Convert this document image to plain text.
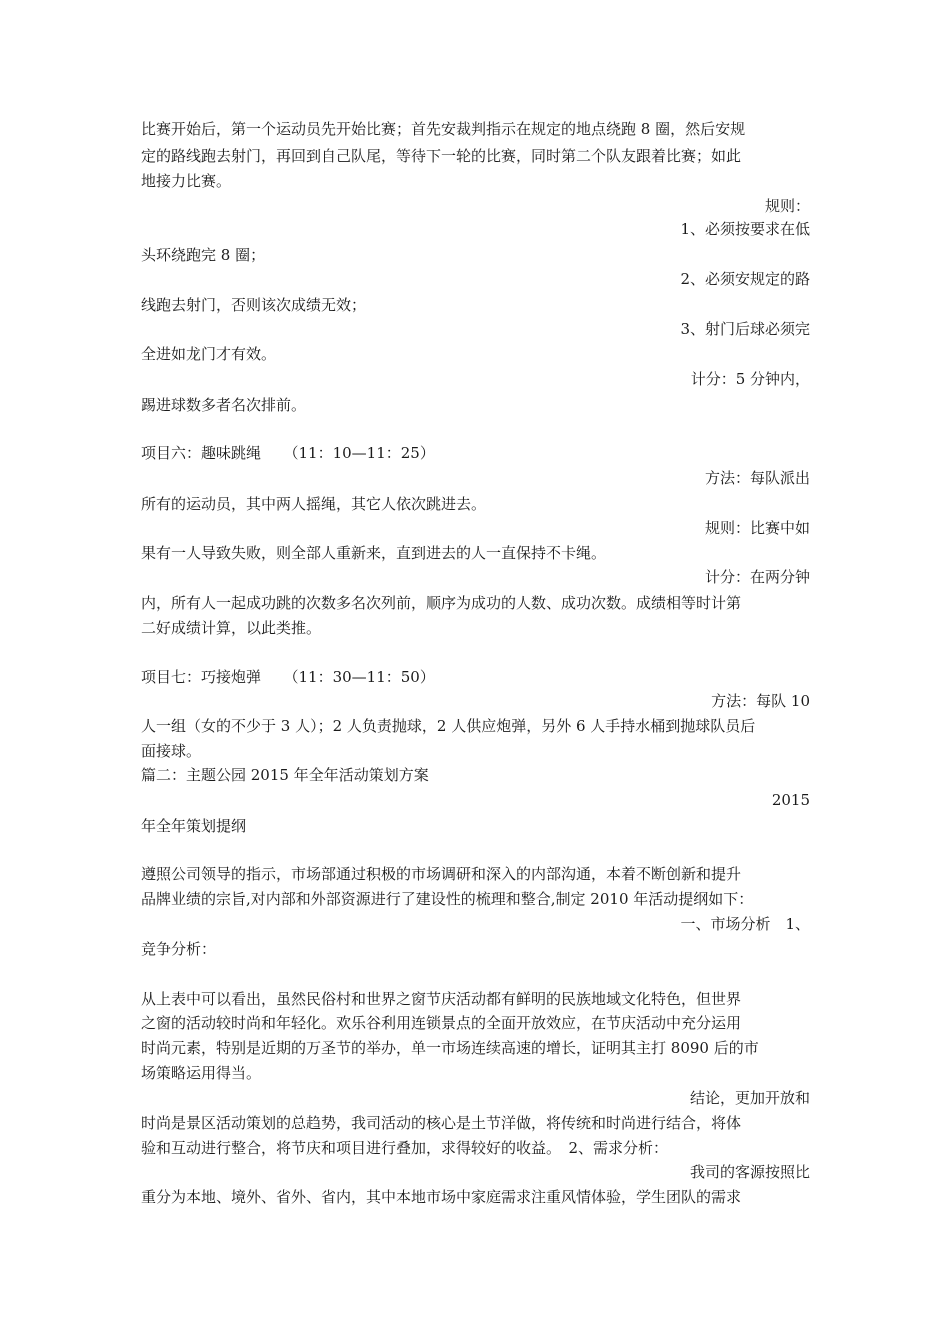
比赛开始后，第一个运动员先开始比赛；首先安裁判指示在规定的地点绕跑 8 圈，然后安规

定的路线跑去射门，再回到自己队尾，等待下一轮的比赛，同时第二个队友跟着比赛；如此

地接力比赛。

规则：

1、必须按要求在低

头环绕跑完 8 圈；

2、必须安规定的路

线跑去射门，否则该次成绩无效；

3、射门后球必须完

全进如龙门才有效。

计分：5 分钟内，

踢进球数多者名次排前。

项目六：趣味跳绳　　（11：10—11：25）

方法：每队派出

所有的运动员，其中两人摇绳，其它人依次跳进去。

规则：比赛中如

果有一人导致失败，则全部人重新来，直到进去的人一直保持不卡绳。

计分：在两分钟

内，所有人一起成功跳的次数多名次列前，顺序为成功的人数、成功次数。成绩相等时计第

二好成绩计算，以此类推。

项目七：巧接炮弹　　（11：30—11：50）

方法：每队 10

人一组（女的不少于 3 人）；2 人负责抛球，2 人供应炮弹，另外 6 人手持水桶到抛球队员后

面接球。

篇二：主题公园 2015 年全年活动策划方案

2015

年全年策划提纲

遵照公司领导的指示，市场部通过积极的市场调研和深入的内部沟通，本着不断创新和提升

品牌业绩的宗旨,对内部和外部资源进行了建设性的梳理和整合,制定 2010 年活动提纲如下：

一、市场分析　1、

竞争分析：

从上表中可以看出，虽然民俗村和世界之窗节庆活动都有鲜明的民族地域文化特色，但世界

之窗的活动较时尚和年轻化。欢乐谷利用连锁景点的全面开放效应，在节庆活动中充分运用

时尚元素，特别是近期的万圣节的举办，单一市场连续高速的增长，证明其主打 8090 后的市

场策略运用得当。

结论，更加开放和

时尚是景区活动策划的总趋势，我司活动的核心是土节洋做，将传统和时尚进行结合，将体

验和互动进行整合，将节庆和项目进行叠加，求得较好的收益。　2、需求分析：

我司的客源按照比

重分为本地、境外、省外、省内，其中本地市场中家庭需求注重风情体验，学生团队的需求
